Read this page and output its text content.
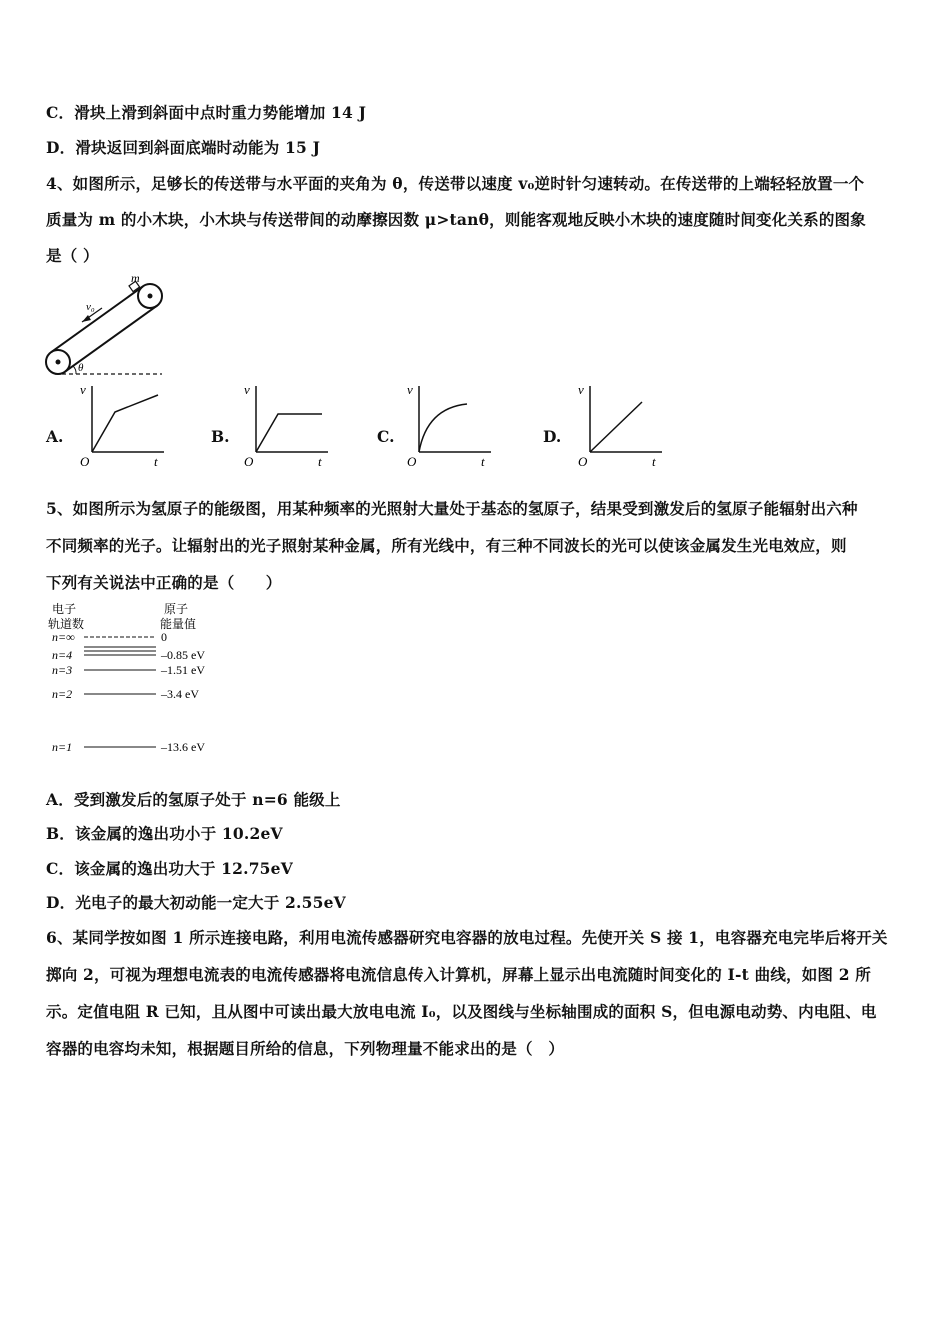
C．滑块上滑到斜面中点时重力势能增加 14 J
D．滑块返回到斜面底端时动能为 15 J
4、如图所示，足够长的传送带与水平面的夹角为 θ，传送带以速度 v₀逆时针匀速转动。在传送带的上端轻轻放置一个
质量为 m 的小木块，小木块与传送带间的动摩擦因数 μ>tanθ，则能客观地反映小木块的速度随时间变化关系的图象
是（ ）
m
v₀
θ
A.
v
t
O
B.
v
t
O
C.
v
t
O
D.
v
t
O
5、如图所示为氢原子的能级图，用某种频率的光照射大量处于基态的氢原子，结果受到激发后的氢原子能辐射出六种
不同频率的光子。让辐射出的光子照射某种金属，所有光线中，有三种不同波长的光可以使该金属发生光电效应，则
下列有关说法中正确的是（　　）
电子
轨道数
原子
能量值
n=∞	0
n=4	–0.85 eV
n=3	–1.51 eV
n=2	–3.4 eV
n=1	–13.6 eV
A．受到激发后的氢原子处于 n=6 能级上
B．该金属的逸出功小于 10.2eV
C．该金属的逸出功大于 12.75eV
D．光电子的最大初动能一定大于 2.55eV
6、某同学按如图 1 所示连接电路，利用电流传感器研究电容器的放电过程。先使开关 S 接 1，电容器充电完毕后将开关
掷向 2，可视为理想电流表的电流传感器将电流信息传入计算机，屏幕上显示出电流随时间变化的 I-t 曲线，如图 2 所
示。定值电阻 R 已知，且从图中可读出最大放电电流 I₀，以及图线与坐标轴围成的面积 S，但电源电动势、内电阻、电
容器的电容均未知，根据题目所给的信息，下列物理量不能求出的是（　）
